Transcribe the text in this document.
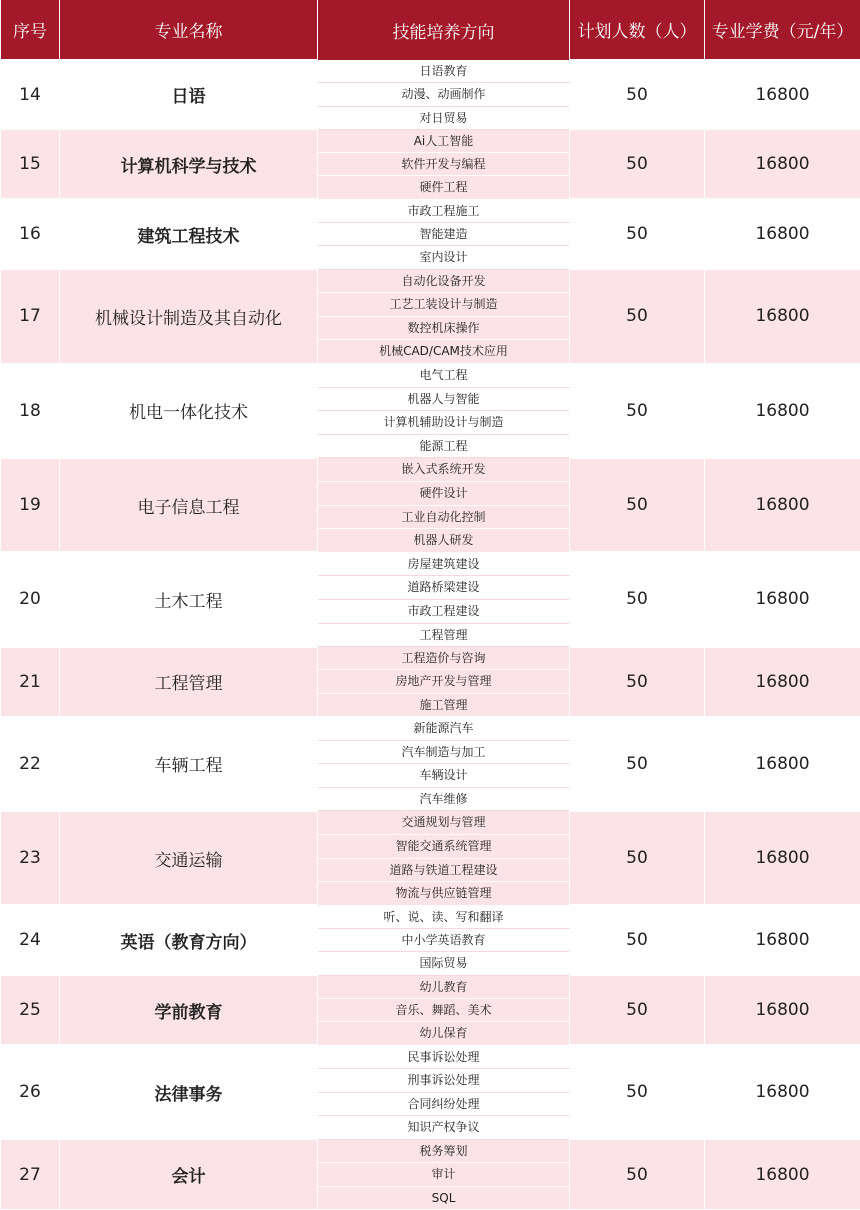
序号	专业名称	技能培养方向	计划人数（人）	专业学费（元/年）
14	日语	日语教育	50	16800
		动漫、动画制作		
		对日贸易		
15	计算机科学与技术	Ai人工智能	50	16800
		软件开发与编程		
		硬件工程		
16	建筑工程技术	市政工程施工	50	16800
		智能建造		
		室内设计		
17	机械设计制造及其自动化	自动化设备开发	50	16800
		工艺工装设计与制造		
		数控机床操作		
		机械CAD/CAM技术应用		
18	机电一体化技术	电气工程	50	16800
		机器人与智能		
		计算机辅助设计与制造		
		能源工程		
19	电子信息工程	嵌入式系统开发	50	16800
		硬件设计		
		工业自动化控制		
		机器人研发		
20	土木工程	房屋建筑建设	50	16800
		道路桥梁建设		
		市政工程建设		
		工程管理		
21	工程管理	工程造价与咨询	50	16800
		房地产开发与管理		
		施工管理		
22	车辆工程	新能源汽车	50	16800
		汽车制造与加工		
		车辆设计		
		汽车维修		
23	交通运输	交通规划与管理	50	16800
		智能交通系统管理		
		道路与铁道工程建设		
		物流与供应链管理		
24	英语（教育方向）	听、说、读、写和翻译	50	16800
		中小学英语教育		
		国际贸易		
25	学前教育	幼儿教育	50	16800
		音乐、舞蹈、美术		
		幼儿保育		
26	法律事务	民事诉讼处理	50	16800
		刑事诉讼处理		
		合同纠纷处理		
		知识产权争议		
27	会计	税务筹划	50	16800
		审计		
		SQL		
